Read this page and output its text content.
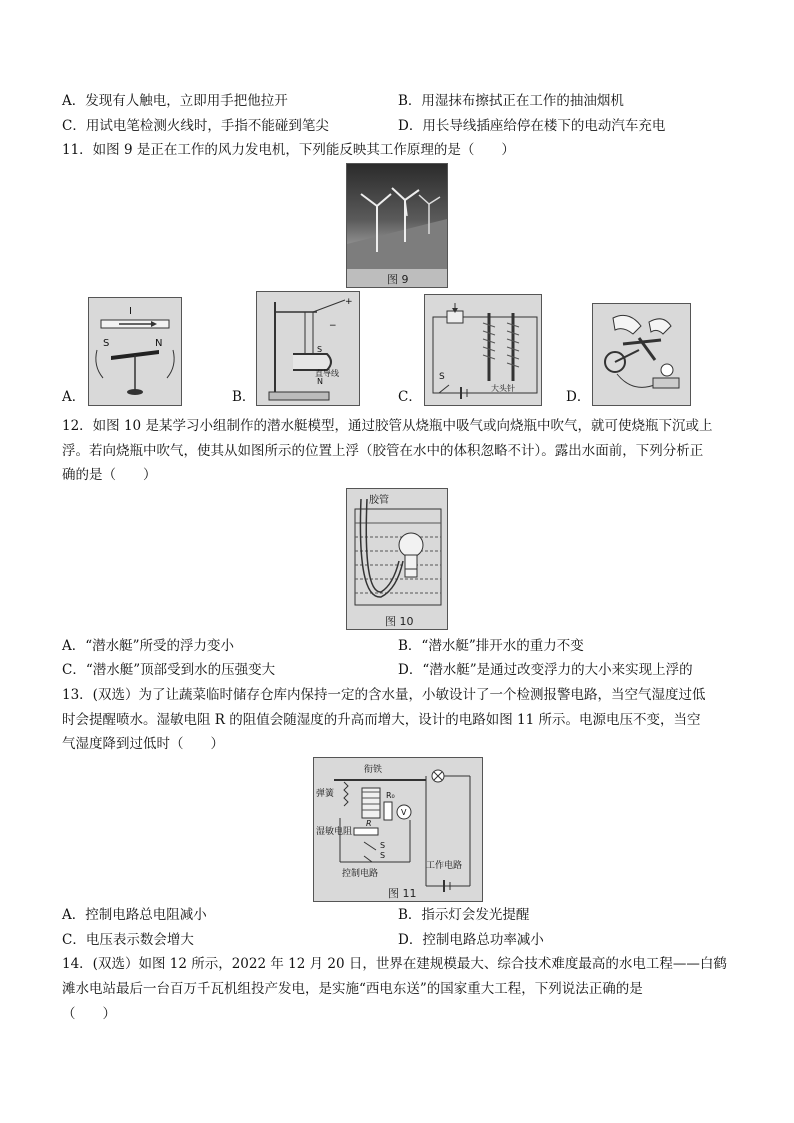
A．发现有人触电，立即用手把他拉开	B．用湿抹布擦拭正在工作的抽油烟机
C．用试电笔检测火线时，手指不能碰到笔尖	D．用长导线插座给停在楼下的电动汽车充电
11．如图 9 是正在工作的风力发电机，下列能反映其工作原理的是（　　）
图 9
A．
I
S	N
B．
+
−
S
N
直导线
C．
S
大头针
D．
12．如图 10 是某学习小组制作的潜水艇模型，通过胶管从烧瓶中吸气或向烧瓶中吹气，就可使烧瓶下沉或上
浮。若向烧瓶中吹气，使其从如图所示的位置上浮（胶管在水中的体积忽略不计）。露出水面前，下列分析正
确的是（　　）
胶管
图 10
A．“潜水艇”所受的浮力变小	B．“潜水艇”排开水的重力不变
C．“潜水艇”顶部受到水的压强变大	D．“潜水艇”是通过改变浮力的大小来实现上浮的
13．(双选）为了让蔬菜临时储存仓库内保持一定的含水量，小敏设计了一个检测报警电路，当空气湿度过低
时会提醒喷水。湿敏电阻 R 的阻值会随湿度的升高而增大，设计的电路如图 11 所示。电源电压不变，当空
气湿度降到过低时（　　）
衔铁
弹簧
工作电路
R₀
V
R
湿敏电阻
S
S
控制电路
图 11
A．控制电路总电阻减小	B．指示灯会发光提醒
C．电压表示数会增大	D．控制电路总功率减小
14．(双选）如图 12 所示，2022 年 12 月 20 日，世界在建规模最大、综合技术难度最高的水电工程——白鹤
滩水电站最后一台百万千瓦机组投产发电，是实施“西电东送”的国家重大工程，下列说法正确的是
（　　）
